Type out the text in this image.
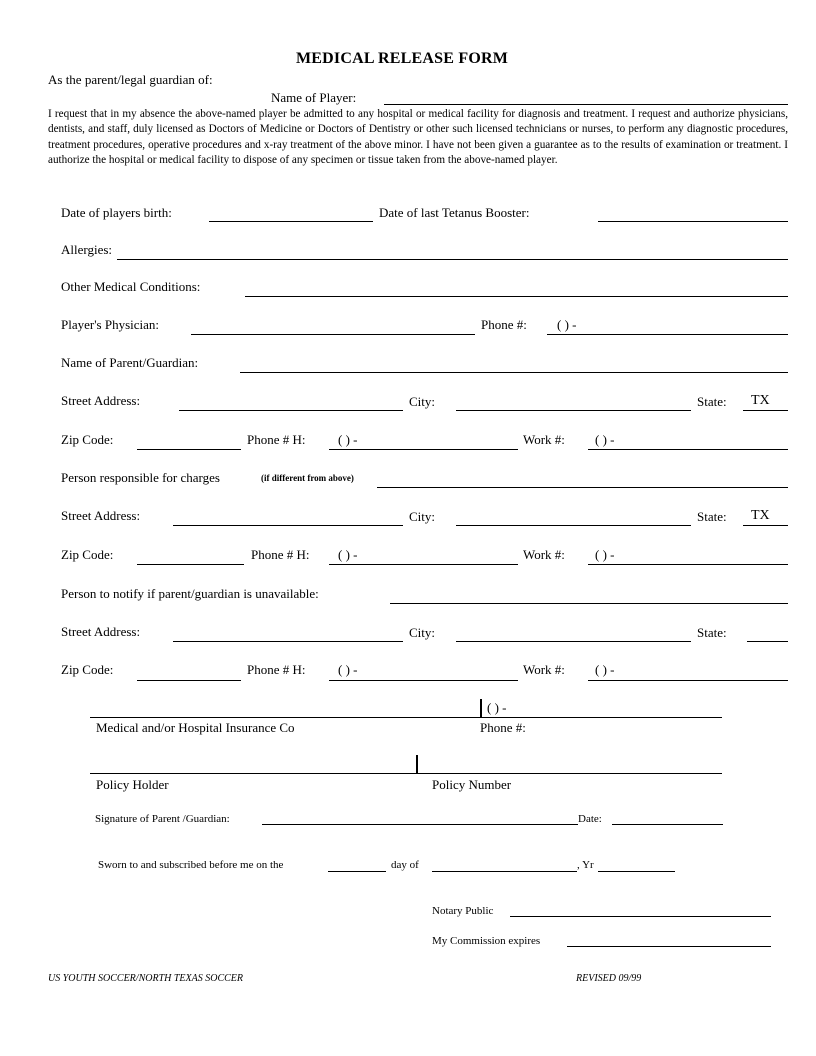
MEDICAL RELEASE FORM
As the parent/legal guardian of:
Name of Player:
I request that in my absence the above-named player be admitted to any hospital or medical facility for diagnosis and treatment. I request and authorize physicians, dentists, and staff, duly licensed as Doctors of Medicine or Doctors of Dentistry or other such licensed technicians or nurses, to perform any diagnostic procedures, treatment procedures, operative procedures and x-ray treatment of the above minor. I have not been given a guarantee as to the results of examination or treatment. I authorize the hospital or medical facility to dispose of any specimen or tissue taken from the above-named player.
Date of players birth:	Date of last Tetanus Booster:
Allergies:
Other Medical Conditions:
Player's Physician:	Phone #: ( ) -
Name of Parent/Guardian:
Street Address:	City:	State: TX
Zip Code:	Phone # H:	( ) -	Work #: ( ) -
Person responsible for charges	(if different from above)
Street Address:	City:	State: TX
Zip Code:	Phone # H: ( ) -	Work #: ( ) -
Person to notify if parent/guardian is unavailable:
Street Address:	City:	State:
Zip Code:	Phone # H:	( ) -	Work #: ( ) -
( ) -
Medical and/or Hospital Insurance Co	Phone #:
Policy Holder	Policy Number
Signature of Parent /Guardian:	Date:
Sworn to and subscribed before me on the	day of	, Yr
Notary Public
My Commission expires
US YOUTH SOCCER/NORTH TEXAS SOCCER	REVISED 09/99
